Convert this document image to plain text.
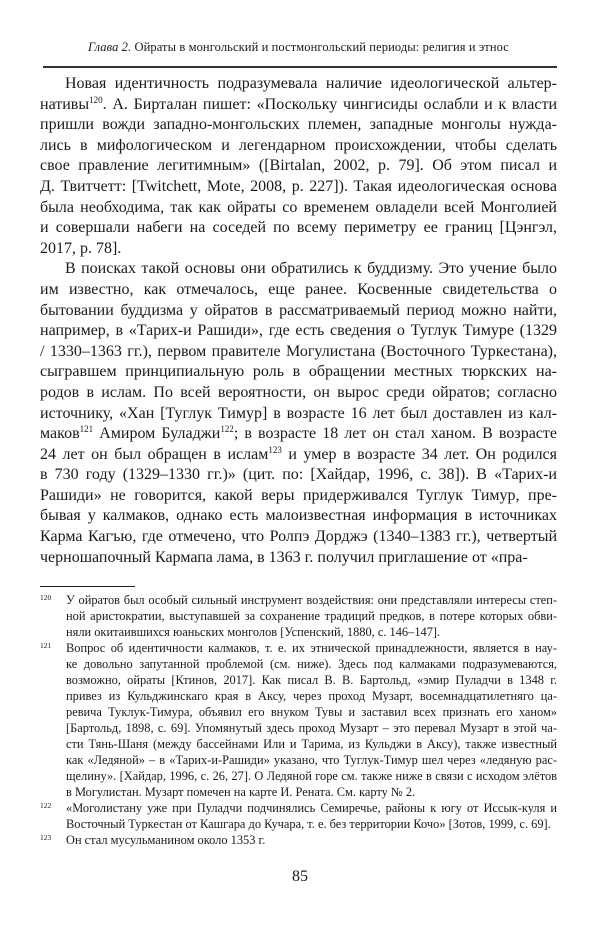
Глава 2. Ойраты в монгольский и постмонгольский периоды: религия и этнос
Новая идентичность подразумевала наличие идеологической альтер-
нативы$^{120}$. А. Бирталан пишет: «Поскольку чингисиды ослабли и к власти
пришли вожди западно-монгольских племен, западные монголы нужда-
лись в мифологическом и легендарном происхождении, чтобы сделать
свое правление легитимным» ([Birtalan, 2002, p. 79]. Об этом писал и
Д. Твитчетт: [Twitchett, Mote, 2008, p. 227]). Такая идеологическая основа
была необходима, так как ойраты со временем овладели всей Монголией
и совершали набеги на соседей по всему периметру ее границ [Цэнгэл,
2017, p. 78].
В поисках такой основы они обратились к буддизму. Это учение было
им известно, как отмечалось, еще ранее. Косвенные свидетельства о
бытовании буддизма у ойратов в рассматриваемый период можно найти,
например, в «Тарих-и Рашиди», где есть сведения о Туглук Тимуре (1329
/ 1330–1363 гг.), первом правителе Могулистана (Восточного Туркестана),
сыгравшем принципиальную роль в обращении местных тюркских на-
родов в ислам. По всей вероятности, он вырос среди ойратов; согласно
источнику, «Хан [Туглук Тимур] в возрасте 16 лет был доставлен из кал-
маков$^{121}$ Амиром Буладжи$^{122}$; в возрасте 18 лет он стал ханом. В возрасте
24 лет он был обращен в ислам$^{123}$ и умер в возрасте 34 лет. Он родился
в 730 году (1329–1330 гг.)» (цит. по: [Хайдар, 1996, с. 38]). В «Тарих-и
Рашиди» не говорится, какой веры придерживался Туглук Тимур, пре-
бывая у калмаков, однако есть малоизвестная информация в источниках
Карма Кагъю, где отмечено, что Ролпэ Дорджэ (1340–1383 гг.), четвертый
черношапочный Кармапа лама, в 1363 г. получил приглашение от «пра-
120 У ойратов был особый сильный инструмент воздействия: они представляли интересы степ-
ной аристократии, выступавшей за сохранение традиций предков, в потере которых обви-
няли окитаившихся юаньских монголов [Успенский, 1880, с. 146–147].
121 Вопрос об идентичности калмаков, т. е. их этнической принадлежности, является в нау-
ке довольно запутанной проблемой (см. ниже). Здесь под калмаками подразумеваются,
возможно, ойраты [Ктинов, 2017]. Как писал В. В. Бартольд, «эмир Пуладчи в 1348 г.
привез из Кульджинскаго края в Аксу, через проход Музарт, восемнадцатилетняго ца-
ревича Туклук-Тимура, объявил его внуком Тувы и заставил всех признать его ханом»
[Бартольд, 1898, с. 69]. Упомянутый здесь проход Музарт – это перевал Музарт в этой ча-
сти Тянь-Шаня (между бассейнами Или и Тарима, из Кульджи в Аксу), также известный
как «Ледяной» – в «Тарих-и-Рашиди» указано, что Туглук-Тимур шел через «ледяную рас-
щелину». [Хайдар, 1996, с. 26, 27]. О Ледяной горе см. также ниже в связи с исходом элётов
в Могулистан. Музарт помечен на карте И. Рената. См. карту № 2.
122 «Моголистану уже при Пуладчи подчинялись Семиречье, районы к югу от Иссык-куля и
Восточный Туркестан от Кашгара до Кучара, т. е. без территории Кочо» [Зотов, 1999, с. 69].
123 Он стал мусульманином около 1353 г.
85
